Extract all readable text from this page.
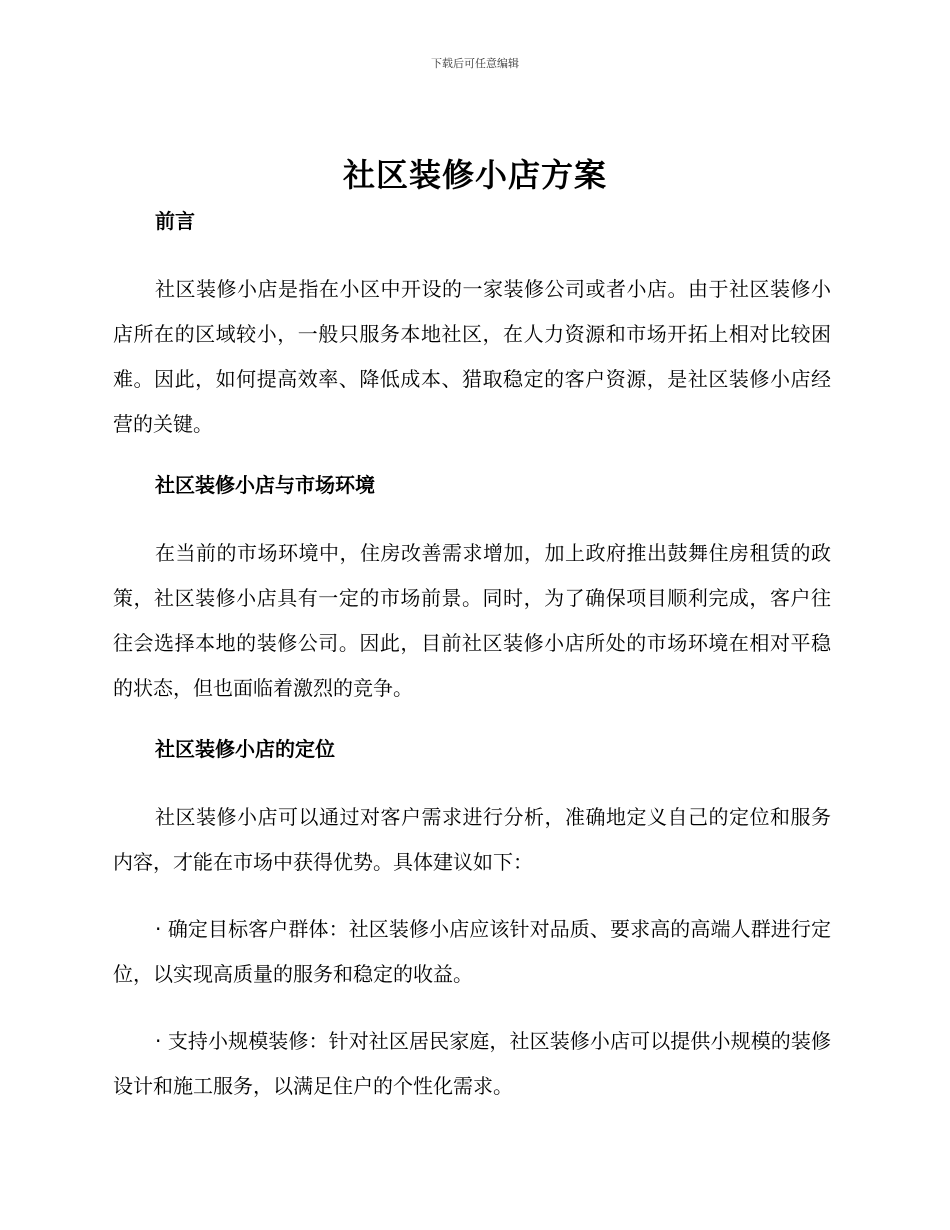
下载后可任意编辑
社区装修小店方案
前言

社区装修小店是指在小区中开设的一家装修公司或者小店。由于社区装修小店所在的区域较小，一般只服务本地社区，在人力资源和市场开拓上相对比较困难。因此，如何提高效率、降低成本、猎取稳定的客户资源，是社区装修小店经营的关键。

社区装修小店与市场环境

在当前的市场环境中，住房改善需求增加，加上政府推出鼓舞住房租赁的政策，社区装修小店具有一定的市场前景。同时，为了确保项目顺利完成，客户往往会选择本地的装修公司。因此，目前社区装修小店所处的市场环境在相对平稳的状态，但也面临着激烈的竞争。

社区装修小店的定位

社区装修小店可以通过对客户需求进行分析，准确地定义自己的定位和服务内容，才能在市场中获得优势。具体建议如下：

· 确定目标客户群体：社区装修小店应该针对品质、要求高的高端人群进行定位，以实现高质量的服务和稳定的收益。

· 支持小规模装修：针对社区居民家庭，社区装修小店可以提供小规模的装修设计和施工服务，以满足住户的个性化需求。
